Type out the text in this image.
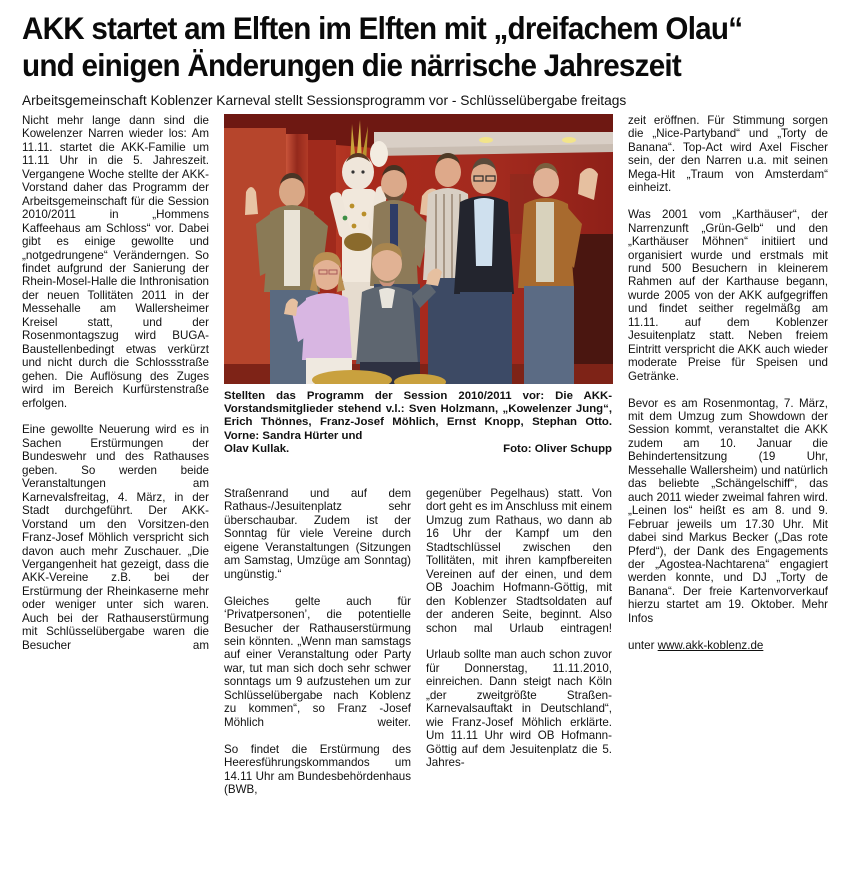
AKK startet am Elften im Elften mit „dreifachem Olau“
und einigen Änderungen die närrische Jahreszeit
Arbeitsgemeinschaft Koblenzer Karneval stellt Sessionsprogramm vor - Schlüsselübergabe freitags

Stellten das Programm der Session 2010/2011 vor: Die AKK-Vorstandsmitglieder stehend v.l.: Sven Holzmann, „Kowelenzer Jung“, Erich Thönnes, Franz-Josef Möhlich, Ernst Knopp, Stephan Otto. Vorne: Sandra Hürter und

Olav Kullak.	Foto: Oliver Schupp

Nicht mehr lange dann sind die Kowelenzer Narren wieder los: Am 11.11. startet die AKK-Familie um 11.11 Uhr in die 5. Jahreszeit. Vergangene Woche stellte der AKK-Vorstand daher das Programm der Arbeitsgemeinschaft für die Session 2010/2011 in „Hommens Kaffeehaus am Schloss“ vor. Dabei gibt es einige gewollte und „notgedrungene“ Veränderngen. So findet aufgrund der Sanierung der Rhein-Mosel-Halle die Inthronisation der neuen Tollitäten 2011 in der Messehalle am Wallersheimer Kreisel statt, und der Rosenmontagszug wird BUGA-Baustellenbedingt etwas verkürzt und nicht durch die Schlossstraße gehen. Die Auflösung des Zuges wird im Bereich Kurfürstenstraße erfolgen.

Eine gewollte Neuerung wird es in Sachen Erstürmungen der Bundeswehr und des Rathauses geben. So werden beide Veranstaltungen am Karnevalsfreitag, 4. März, in der Stadt durchgeführt. Der AKK-Vorstand um den Vorsitzen-den Franz-Josef Möhlich verspricht sich davon auch mehr Zuschauer. „Die Vergangenheit hat gezeigt, dass die AKK-Vereine z.B. bei der Erstürmung der Rheinkaserne mehr oder weniger unter sich waren. Auch bei der Rathauserstürmung mit Schlüsselübergabe waren die Besucher am

Straßenrand und auf dem Rathaus-/Jesuitenplatz sehr überschaubar. Zudem ist der Sonntag für viele Vereine durch eigene Veranstaltungen (Sitzungen am Samstag, Umzüge am Sonntag) ungünstig.“

Gleiches gelte auch für ‘Privatpersonen’, die potentielle Besucher der Rathauserstürmung sein könnten. „Wenn man samstags auf einer Veranstaltung oder Party war, tut man sich doch sehr schwer sonntags um 9 aufzustehen um zur Schlüsselübergabe nach Koblenz zu kommen“, so Franz -Josef Möhlich weiter.

So findet die Erstürmung des Heeresführungskommandos um 14.11 Uhr am Bundesbehördenhaus (BWB,

gegenüber Pegelhaus) statt. Von dort geht es im Anschluss mit einem Umzug zum Rathaus, wo dann ab 16 Uhr der Kampf um den Stadtschlüssel zwischen den Tollitäten, mit ihren kampfbereiten Vereinen auf der einen, und dem OB Joachim Hofmann-Göttig, mit den Koblenzer Stadtsoldaten auf der anderen Seite, beginnt. Also schon mal Urlaub eintragen!

Urlaub sollte man auch schon zuvor für Donnerstag, 11.11.2010, einreichen. Dann steigt nach Köln „der zweitgrößte Straßen-Karnevalsauftakt in Deutschland“, wie Franz-Josef Möhlich erklärte. Um 11.11 Uhr wird OB Hofmann-Göttig auf dem Jesuitenplatz die 5. Jahres-

zeit eröffnen. Für Stimmung sorgen die „Nice-Partyband“ und „Torty de Banana“. Top-Act wird Axel Fischer sein, der den Narren u.a. mit seinen Mega-Hit „Traum von Amsterdam“ einheizt.

Was 2001 vom „Karthäuser“, der Narrenzunft „Grün-Gelb“ und den „Karthäuser Möhnen“ initiiert und organisiert wurde und erstmals mit rund 500 Besuchern in kleinerem Rahmen auf der Karthause begann, wurde 2005 von der AKK aufgegriffen und findet seither regelmäßg am 11.11. auf dem Koblenzer Jesuitenplatz statt. Neben freiem Eintritt verspricht die AKK auch wieder moderate Preise für Speisen und Getränke.

Bevor es am Rosenmontag, 7. März, mit dem Umzug zum Showdown der Session kommt, veranstaltet die AKK zudem am 10. Januar die Behindertensitzung (19 Uhr, Messehalle Wallersheim) und natürlich das beliebte „Schängelschiff“, das auch 2011 wieder zweimal fahren wird. „Leinen los“ heißt es am 8. und 9. Februar jeweils um 17.30 Uhr. Mit dabei sind Markus Becker („Das rote Pferd“), der Dank des Engagements der „Agostea-Nachtarena“ engagiert werden konnte, und DJ „Torty de Banana“. Der freie Kartenvorverkauf hierzu startet am 19. Oktober. Mehr Infos

unter www.akk-koblenz.de
